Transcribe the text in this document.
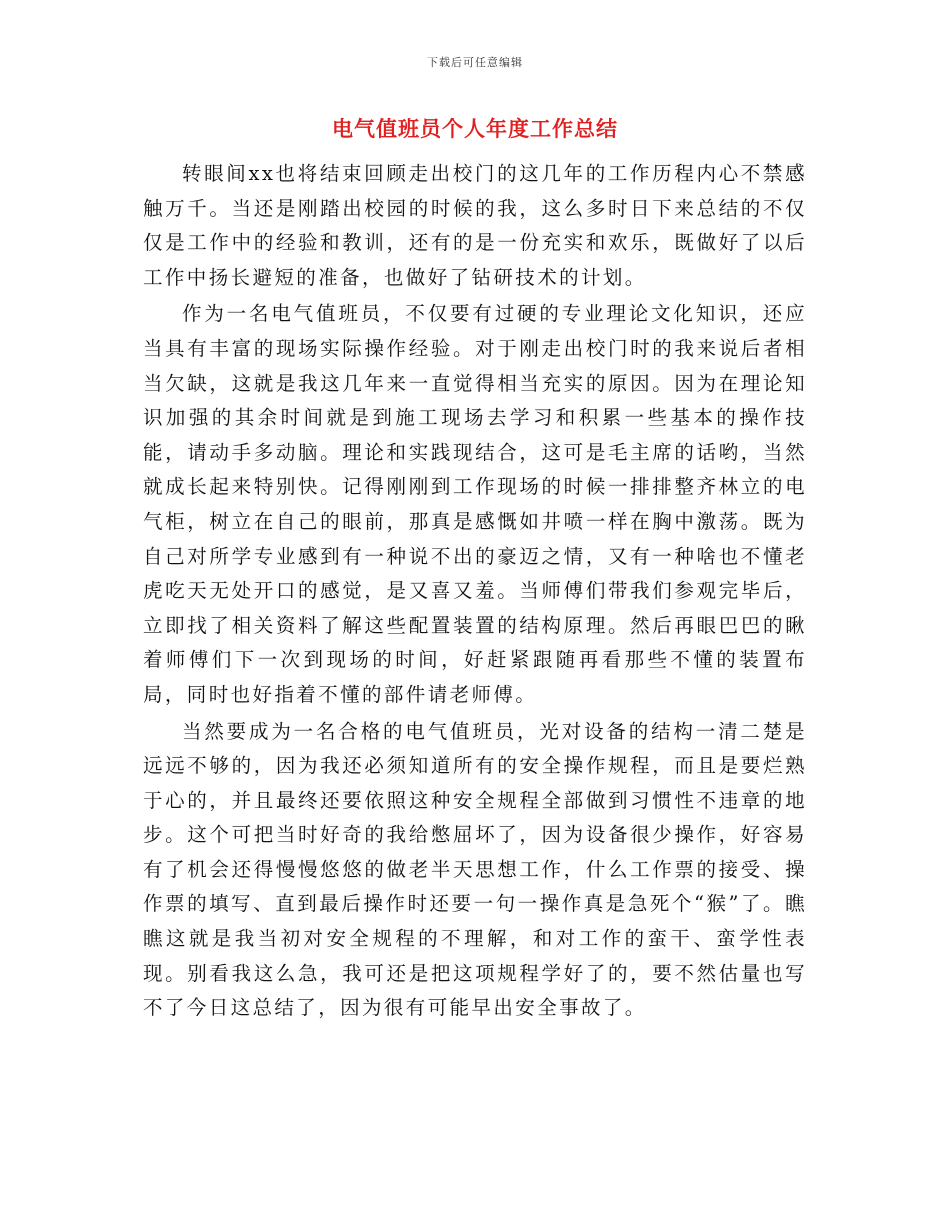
下载后可任意编辑
电气值班员个人年度工作总结

转眼间xx也将结束回顾走出校门的这几年的工作历程内心不禁感触万千。当还是刚踏出校园的时候的我，这么多时日下来总结的不仅仅是工作中的经验和教训，还有的是一份充实和欢乐，既做好了以后工作中扬长避短的准备，也做好了钻研技术的计划。

作为一名电气值班员，不仅要有过硬的专业理论文化知识，还应当具有丰富的现场实际操作经验。对于刚走出校门时的我来说后者相当欠缺，这就是我这几年来一直觉得相当充实的原因。因为在理论知识加强的其余时间就是到施工现场去学习和积累一些基本的操作技能，请动手多动脑。理论和实践现结合，这可是毛主席的话哟，当然就成长起来特别快。记得刚刚到工作现场的时候一排排整齐林立的电气柜，树立在自己的眼前，那真是感慨如井喷一样在胸中激荡。既为自己对所学专业感到有一种说不出的豪迈之情，又有一种啥也不懂老虎吃天无处开口的感觉，是又喜又羞。当师傅们带我们参观完毕后，立即找了相关资料了解这些配置装置的结构原理。然后再眼巴巴的瞅着师傅们下一次到现场的时间，好赶紧跟随再看那些不懂的装置布局，同时也好指着不懂的部件请老师傅。

当然要成为一名合格的电气值班员，光对设备的结构一清二楚是远远不够的，因为我还必须知道所有的安全操作规程，而且是要烂熟于心的，并且最终还要依照这种安全规程全部做到习惯性不违章的地步。这个可把当时好奇的我给憋屈坏了，因为设备很少操作，好容易有了机会还得慢慢悠悠的做老半天思想工作，什么工作票的接受、操作票的填写、直到最后操作时还要一句一操作真是急死个“猴”了。瞧瞧这就是我当初对安全规程的不理解，和对工作的蛮干、蛮学性表现。别看我这么急，我可还是把这项规程学好了的，要不然估量也写不了今日这总结了，因为很有可能早出安全事故了。
